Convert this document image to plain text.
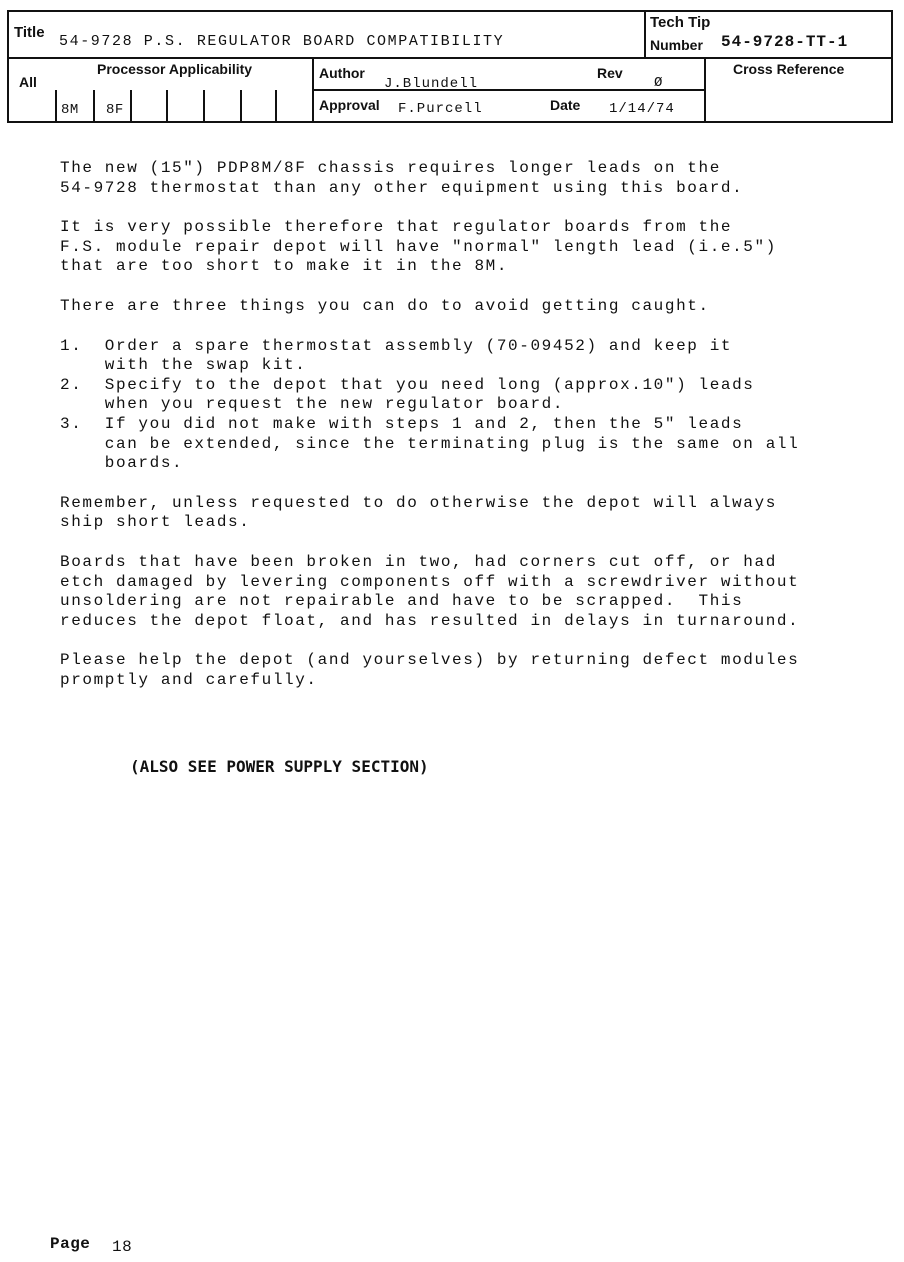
Title
54-9728 P.S. REGULATOR BOARD COMPATIBILITY
Tech Tip
Number 54-9728-TT-1
All
Processor Applicability
8M 8F
Author
J.Blundell
Rev
Ø
Approval F.Purcell	Date 1/14/74
Cross Reference

The new (15") PDP8M/8F chassis requires longer leads on the
54-9728 thermostat than any other equipment using this board.

It is very possible therefore that regulator boards from the
F.S. module repair depot will have "normal" length lead (i.e.5")
that are too short to make it in the 8M.

There are three things you can do to avoid getting caught.

1.  Order a spare thermostat assembly (70-09452) and keep it
with the swap kit.
2.  Specify to the depot that you need long (approx.10") leads
when you request the new regulator board.
3.  If you did not make with steps 1 and 2, then the 5" leads
can be extended, since the terminating plug is the same on all
boards.

Remember, unless requested to do otherwise the depot will always
ship short leads.

Boards that have been broken in two, had corners cut off, or had
etch damaged by levering components off with a screwdriver without
unsoldering are not repairable and have to be scrapped.  This
reduces the depot float, and has resulted in delays in turnaround.

Please help the depot (and yourselves) by returning defect modules
promptly and carefully.

(ALSO SEE POWER SUPPLY SECTION)
Page 18
